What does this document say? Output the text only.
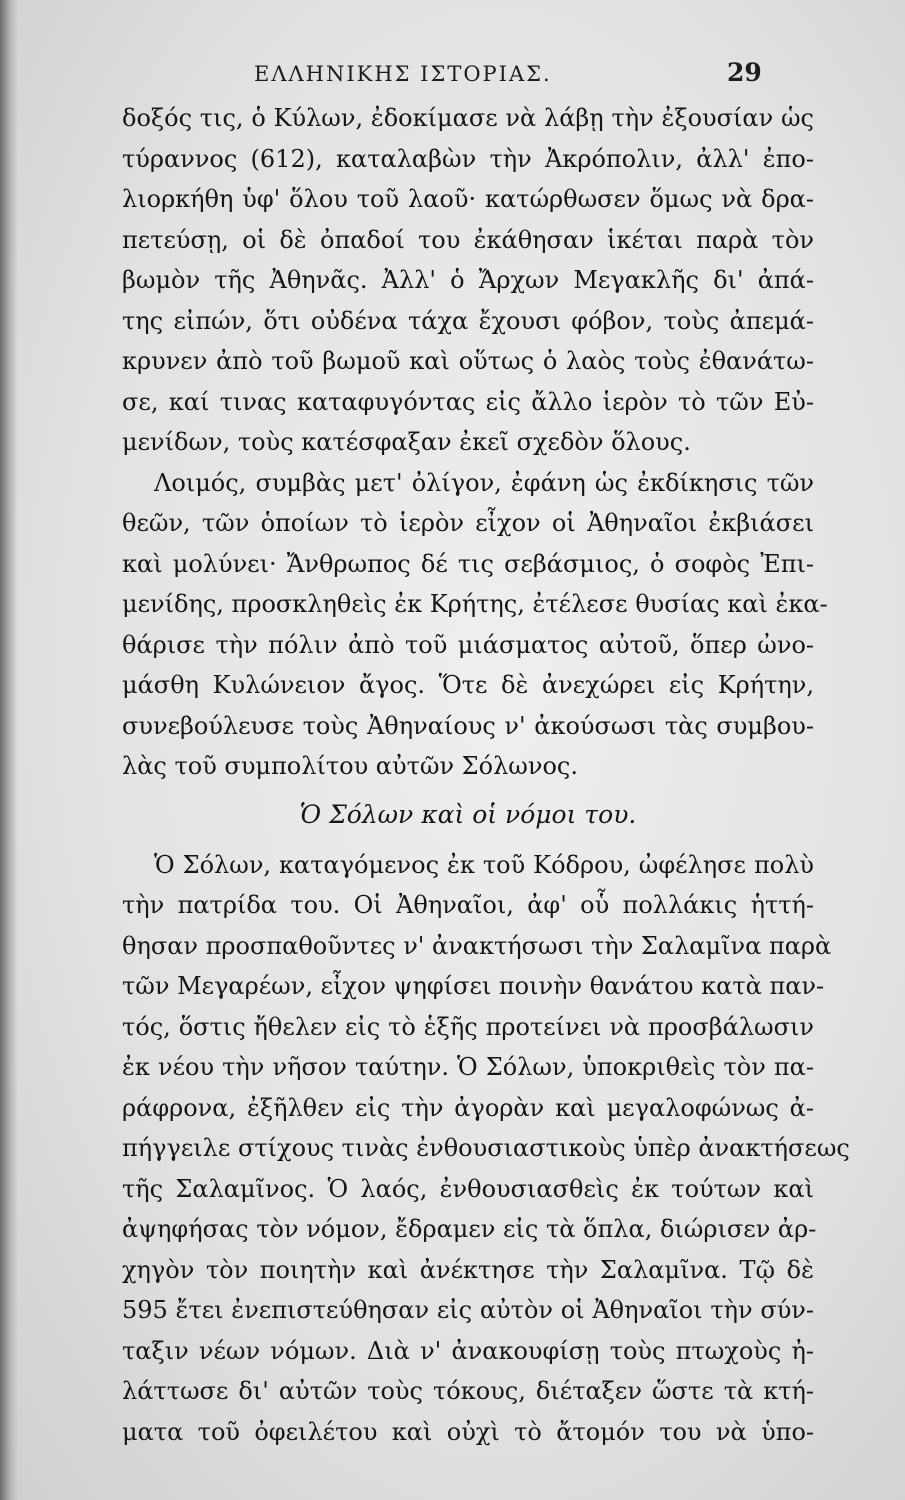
ΕΛΛΗΝΙΚΗΣ ΙΣΤΟΡΙΑΣ.	29
δοξός τις, ὁ Κύλων, ἐδοκίμασε νὰ λάβῃ τὴν ἐξουσίαν ὡς
τύραννος (612), καταλαβὼν τὴν Ἀκρόπολιν, ἀλλ' ἐπο-
λιορκήθη ὑφ' ὅλου τοῦ λαοῦ· κατώρθωσεν ὅμως νὰ δρα-
πετεύσῃ, οἱ δὲ ὀπαδοί του ἐκάθησαν ἱκέται παρὰ τὸν
βωμὸν τῆς Ἀθηνᾶς. Ἀλλ' ὁ Ἄρχων Μεγακλῆς δι' ἀπά-
της εἰπών, ὅτι οὐδένα τάχα ἔχουσι φόβον, τοὺς ἀπεμά-
κρυνεν ἀπὸ τοῦ βωμοῦ καὶ οὕτως ὁ λαὸς τοὺς ἐθανάτω-
σε, καί τινας καταφυγόντας εἰς ἄλλο ἱερὸν τὸ τῶν Εὐ-
μενίδων, τοὺς κατέσφαξαν ἐκεῖ σχεδὸν ὅλους.
Λοιμός, συμβὰς μετ' ὀλίγον, ἐφάνη ὡς ἐκδίκησις τῶν
θεῶν, τῶν ὁποίων τὸ ἱερὸν εἶχον οἱ Ἀθηναῖοι ἐκβιάσει
καὶ μολύνει· Ἄνθρωπος δέ τις σεβάσμιος, ὁ σοφὸς Ἐπι-
μενίδης, προσκληθεὶς ἐκ Κρήτης, ἐτέλεσε θυσίας καὶ ἐκα-
θάρισε τὴν πόλιν ἀπὸ τοῦ μιάσματος αὐτοῦ, ὅπερ ὠνο-
μάσθη Κυλώνειον ἄγος. Ὅτε δὲ ἀνεχώρει εἰς Κρήτην,
συνεβούλευσε τοὺς Ἀθηναίους ν' ἀκούσωσι τὰς συμβου-
λὰς τοῦ συμπολίτου αὐτῶν Σόλωνος.
Ὁ Σόλων καὶ οἱ νόμοι του.
Ὁ Σόλων, καταγόμενος ἐκ τοῦ Κόδρου, ὠφέλησε πολὺ
τὴν πατρίδα του. Οἱ Ἀθηναῖοι, ἀφ' οὗ πολλάκις ἡττή-
θησαν προσπαθοῦντες ν' ἀνακτήσωσι τὴν Σαλαμῖνα παρὰ
τῶν Μεγαρέων, εἶχον ψηφίσει ποινὴν θανάτου κατὰ παν-
τός, ὅστις ἤθελεν εἰς τὸ ἑξῆς προτείνει νὰ προσβάλωσιν
ἐκ νέου τὴν νῆσον ταύτην. Ὁ Σόλων, ὑποκριθεὶς τὸν πα-
ράφρονα, ἐξῆλθεν εἰς τὴν ἀγορὰν καὶ μεγαλοφώνως ἀ-
πήγγειλε στίχους τινὰς ἐνθουσιαστικοὺς ὑπὲρ ἀνακτήσεως
τῆς Σαλαμῖνος. Ὁ λαός, ἐνθουσιασθεὶς ἐκ τούτων καὶ
ἀψηφήσας τὸν νόμον, ἔδραμεν εἰς τὰ ὅπλα, διώρισεν ἀρ-
χηγὸν τὸν ποιητὴν καὶ ἀνέκτησε τὴν Σαλαμῖνα. Τῷ δὲ
595 ἔτει ἐνεπιστεύθησαν εἰς αὐτὸν οἱ Ἀθηναῖοι τὴν σύν-
ταξιν νέων νόμων. Διὰ ν' ἀνακουφίσῃ τοὺς πτωχοὺς ἠ-
λάττωσε δι' αὐτῶν τοὺς τόκους, διέταξεν ὥστε τὰ κτή-
ματα τοῦ ὀφειλέτου καὶ οὐχὶ τὸ ἄτομόν του νὰ ὑπο-
